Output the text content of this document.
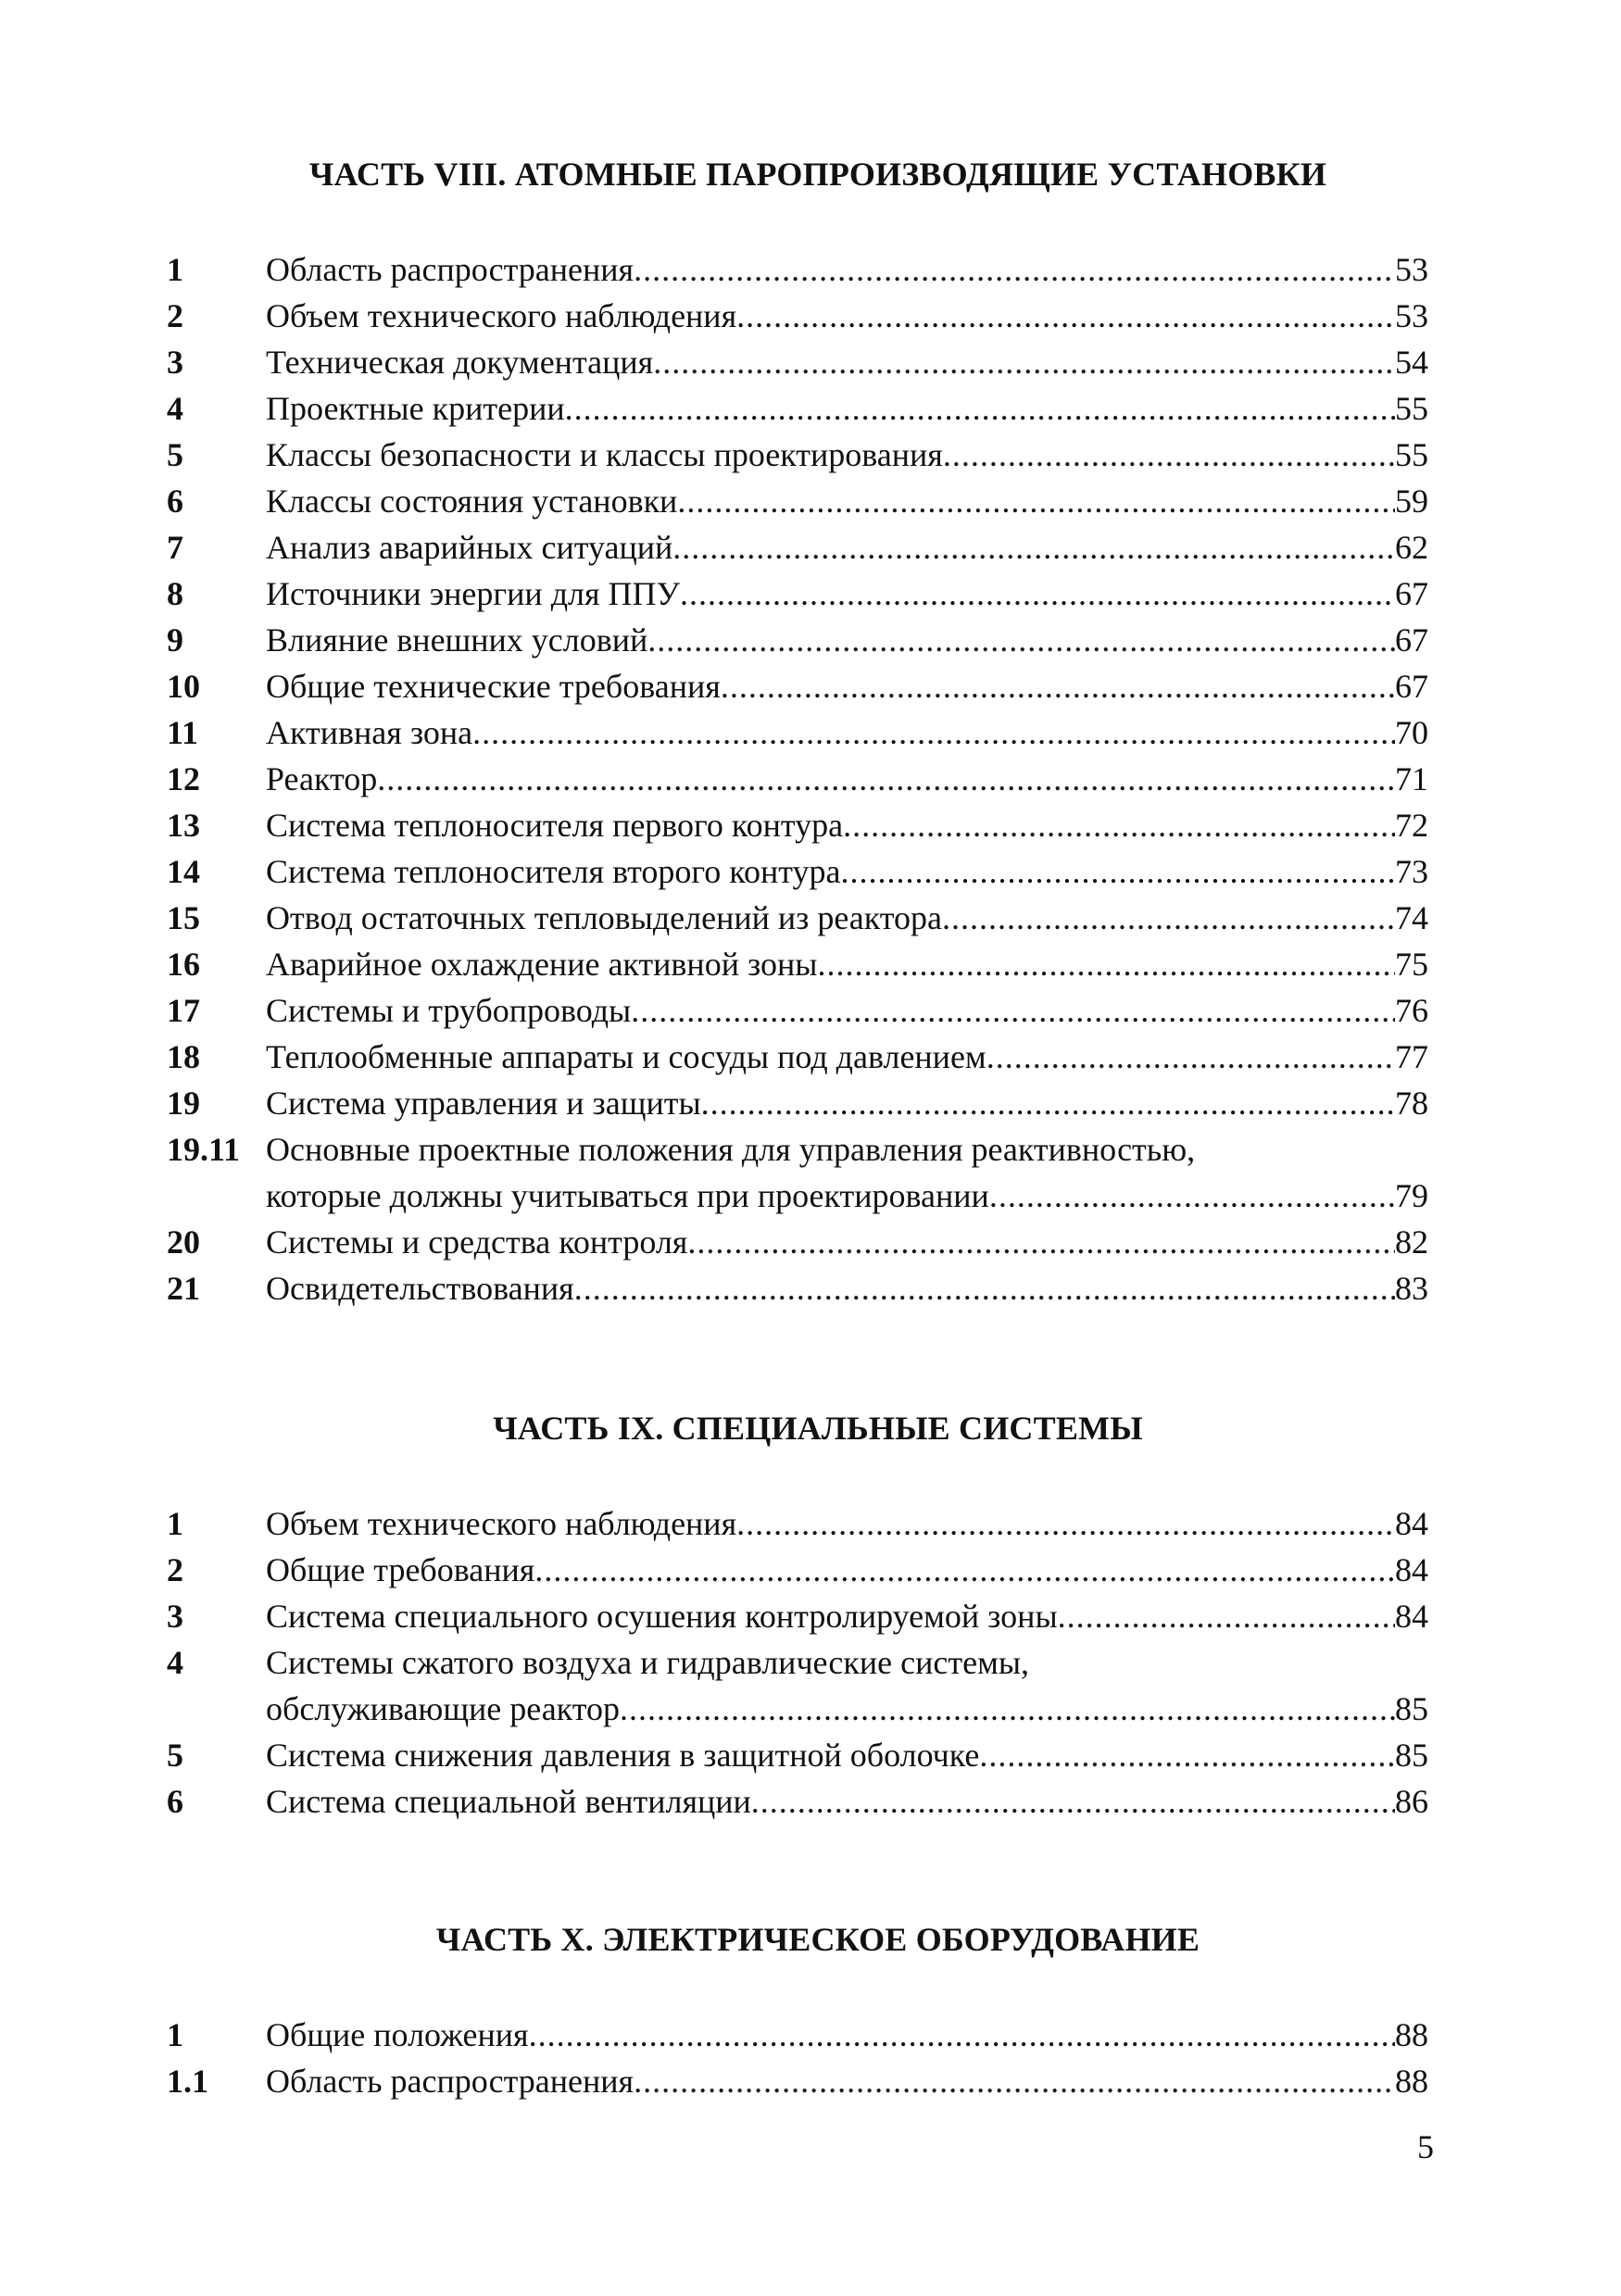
ЧАСТЬ VIII. АТОМНЫЕ ПАРОПРОИЗВОДЯЩИЕ УСТАНОВКИ
1	Область распространения .....	53
2	Объем технического наблюдения .....	53
3	Техническая документация .....	54
4	Проектные критерии .....	55
5	Классы безопасности и классы проектирования .....	55
6	Классы состояния установки .....	59
7	Анализ аварийных ситуаций .....	62
8	Источники энергии для ППУ .....	67
9	Влияние внешних условий .....	67
10	Общие технические требования .....	67
11	Активная зона .....	70
12	Реактор .....	71
13	Система теплоносителя первого контура .....	72
14	Система теплоносителя второго контура .....	73
15	Отвод остаточных тепловыделений из реактора .....	74
16	Аварийное охлаждение активной зоны .....	75
17	Системы и трубопроводы .....	76
18	Теплообменные аппараты и сосуды под давлением .....	77
19	Система управления и защиты .....	78
19.11 Основные проектные положения для управления реактивностью,
которые должны учитываться при проектировании .....	79
20	Системы и средства контроля .....	82
21	Освидетельствования .....	83
ЧАСТЬ IX. СПЕЦИАЛЬНЫЕ СИСТЕМЫ
1	Объем технического наблюдения .....	84
2	Общие требования .....	84
3	Система специального осушения контролируемой зоны .....	84
4	Системы сжатого воздуха и гидравлические системы,
обслуживающие реактор .....	85
5	Система снижения давления в защитной оболочке .....	85
6	Система специальной вентиляции .....	86
ЧАСТЬ X. ЭЛЕКТРИЧЕСКОЕ ОБОРУДОВАНИЕ
1	Общие положения .....	88
1.1	Область распространения .....	88
5
